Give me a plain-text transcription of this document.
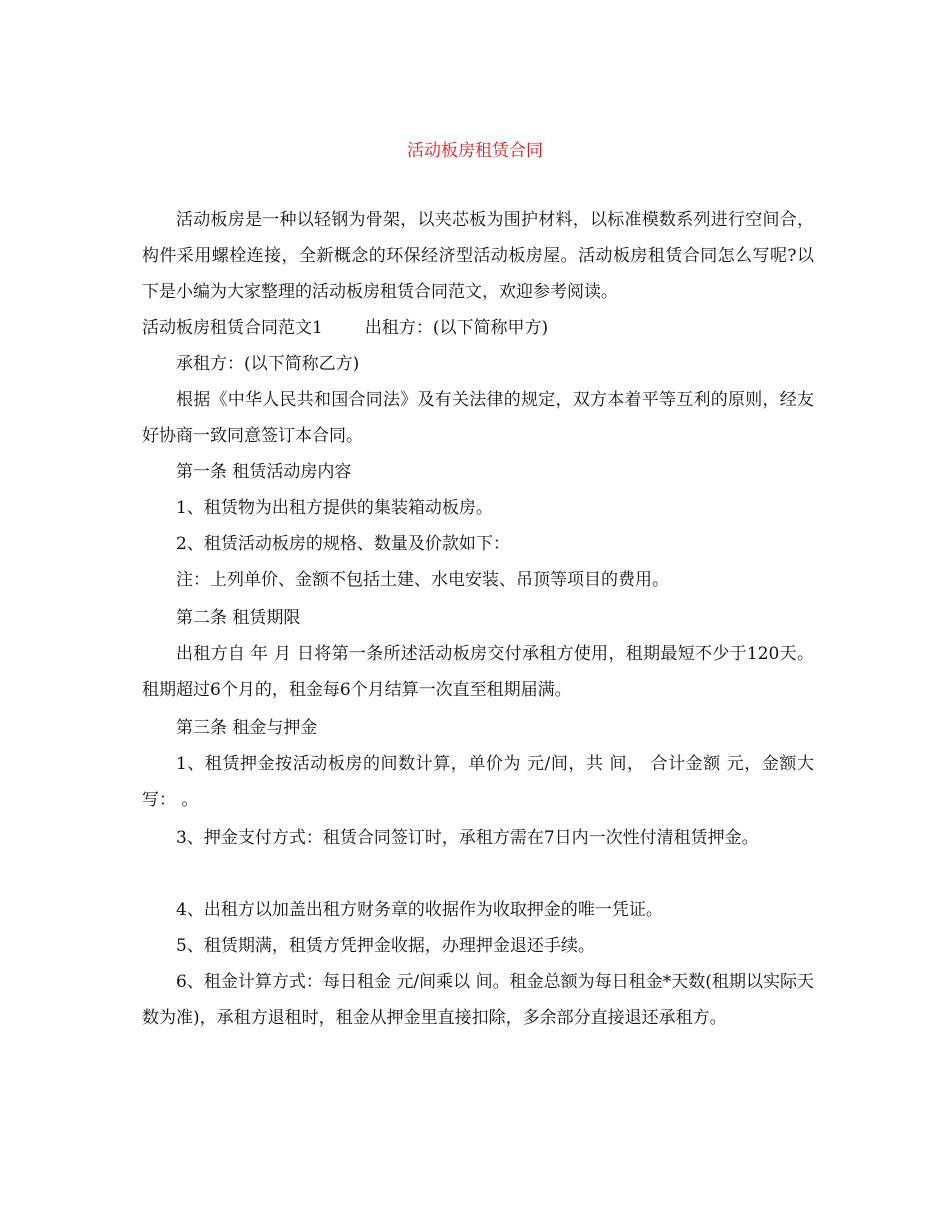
活动板房租赁合同

活动板房是一种以轻钢为骨架，以夹芯板为围护材料，以标准模数系列进行空间合，构件采用螺栓连接，全新概念的环保经济型活动板房屋。活动板房租赁合同怎么写呢?以下是小编为大家整理的活动板房租赁合同范文，欢迎参考阅读。

活动板房租赁合同范文1 出租方：(以下简称甲方)

承租方：(以下简称乙方)

根据《中华人民共和国合同法》及有关法律的规定，双方本着平等互利的原则，经友好协商一致同意签订本合同。

第一条 租赁活动房内容

1、租赁物为出租方提供的集装箱动板房。

2、租赁活动板房的规格、数量及价款如下：

注：上列单价、金额不包括土建、水电安装、吊顶等项目的费用。

第二条 租赁期限

出租方自 年 月 日将第一条所述活动板房交付承租方使用，租期最短不少于120天。租期超过6个月的，租金每6个月结算一次直至租期届满。

第三条 租金与押金

1、租赁押金按活动板房的间数计算，单价为 元/间，共 间， 合计金额 元，金额大写： 。

3、押金支付方式：租赁合同签订时，承租方需在7日内一次性付清租赁押金。

4、出租方以加盖出租方财务章的收据作为收取押金的唯一凭证。

5、租赁期满，租赁方凭押金收据，办理押金退还手续。

6、租金计算方式：每日租金 元/间乘以 间。租金总额为每日租金*天数(租期以实际天数为准)，承租方退租时，租金从押金里直接扣除，多余部分直接退还承租方。
